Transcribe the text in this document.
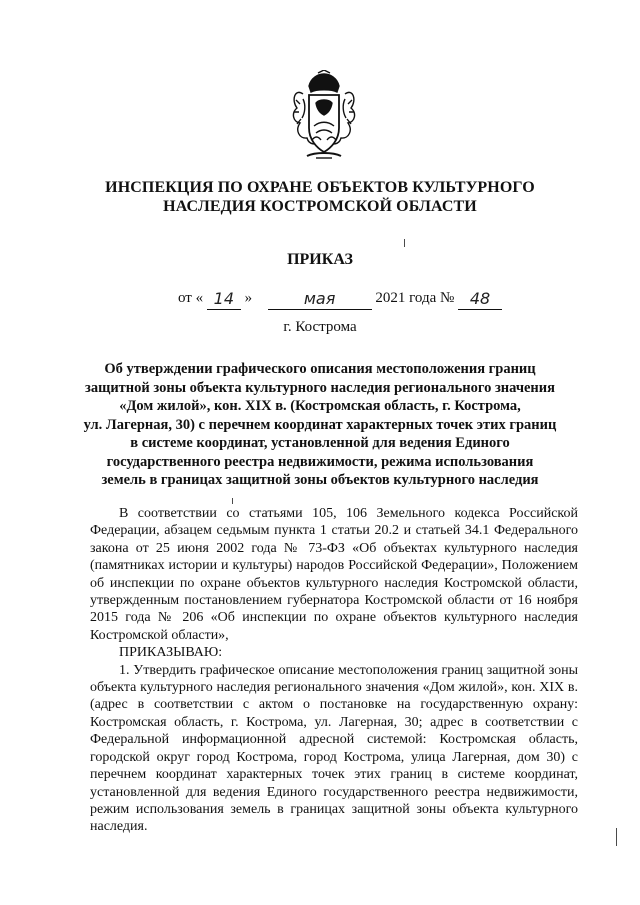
ИНСПЕКЦИЯ ПО ОХРАНЕ ОБЪЕКТОВ КУЛЬТУРНОГО
НАСЛЕДИЯ КОСТРОМСКОЙ ОБЛАСТИ
ПРИКАЗ
от « 14 »	мая	2021 года № 48
г. Кострома
Об утверждении графического описания местоположения границ
защитной зоны объекта культурного наследия регионального значения
«Дом жилой», кон. XIX в. (Костромская область, г. Кострома,
ул. Лагерная, 30) с перечнем координат характерных точек этих границ
в системе координат, установленной для ведения Единого
государственного реестра недвижимости, режима использования
земель в границах защитной зоны объектов культурного наследия

В соответствии со статьями 105, 106 Земельного кодекса Российской Федерации, абзацем седьмым пункта 1 статьи 20.2 и статьей 34.1 Федерального закона от 25 июня 2002 года № 73-ФЗ «Об объектах культурного наследия (памятниках истории и культуры) народов Российской Федерации», Положением об инспекции по охране объектов культурного наследия Костромской области, утвержденным постановлением губернатора Костромской области от 16 ноября 2015 года № 206 «Об инспекции по охране объектов культурного наследия Костромской области»,

ПРИКАЗЫВАЮ:

1. Утвердить графическое описание местоположения границ защитной зоны объекта культурного наследия регионального значения «Дом жилой», кон. XIX в. (адрес в соответствии с актом о постановке на государственную охрану: Костромская область, г. Кострома, ул. Лагерная, 30; адрес в соответствии с Федеральной информационной адресной системой: Костромская область, городской округ город Кострома, город Кострома, улица Лагерная, дом 30) с перечнем координат характерных точек этих границ в системе координат, установленной для ведения Единого государственного реестра недвижимости, режим использования земель в границах защитной зоны объекта культурного наследия.
